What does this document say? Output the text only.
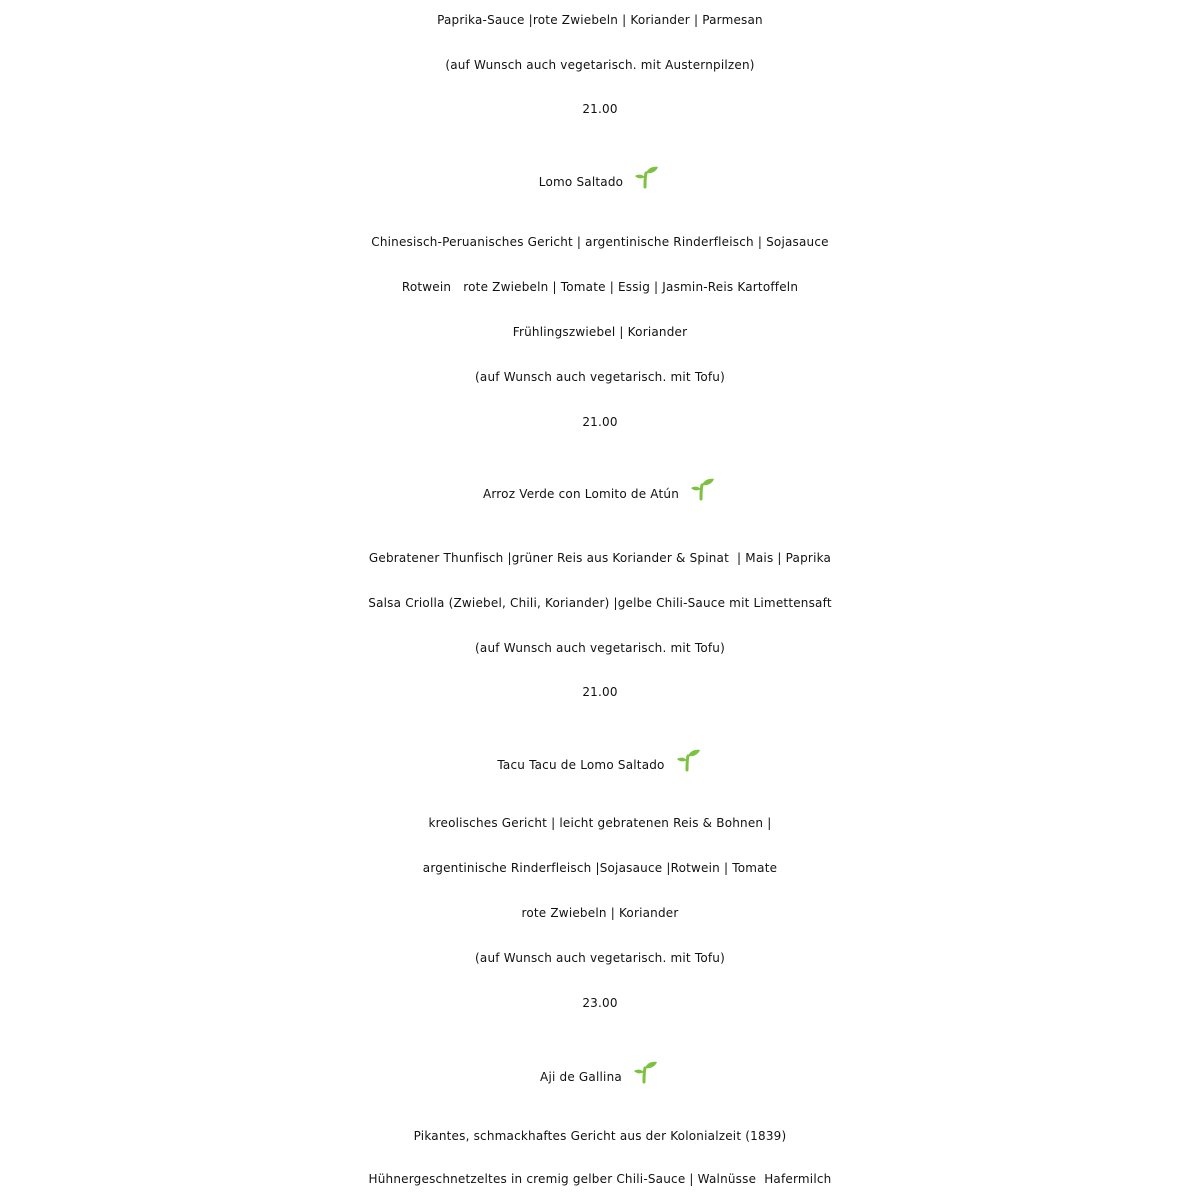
Paprika-Sauce |rote Zwiebeln | Koriander | Parmesan
(auf Wunsch auch vegetarisch. mit Austernpilzen)
21.00
Lomo Saltado
Chinesisch-Peruanisches Gericht | argentinische Rinderfleisch | Sojasauce
Rotwein   rote Zwiebeln | Tomate | Essig | Jasmin-Reis Kartoffeln
Frühlingszwiebel | Koriander
(auf Wunsch auch vegetarisch. mit Tofu)
21.00
Arroz Verde con Lomito de Atún
Gebratener Thunfisch |grüner Reis aus Koriander & Spinat  | Mais | Paprika
Salsa Criolla (Zwiebel, Chili, Koriander) |gelbe Chili-Sauce mit Limettensaft
(auf Wunsch auch vegetarisch. mit Tofu)
21.00
Tacu Tacu de Lomo Saltado
kreolisches Gericht | leicht gebratenen Reis & Bohnen |
argentinische Rinderfleisch |Sojasauce |Rotwein | Tomate
rote Zwiebeln | Koriander
(auf Wunsch auch vegetarisch. mit Tofu)
23.00
Aji de Gallina
Pikantes, schmackhaftes Gericht aus der Kolonialzeit (1839)
Hühnergeschnetzeltes in cremig gelber Chili-Sauce | Walnüsse  Hafermilch
